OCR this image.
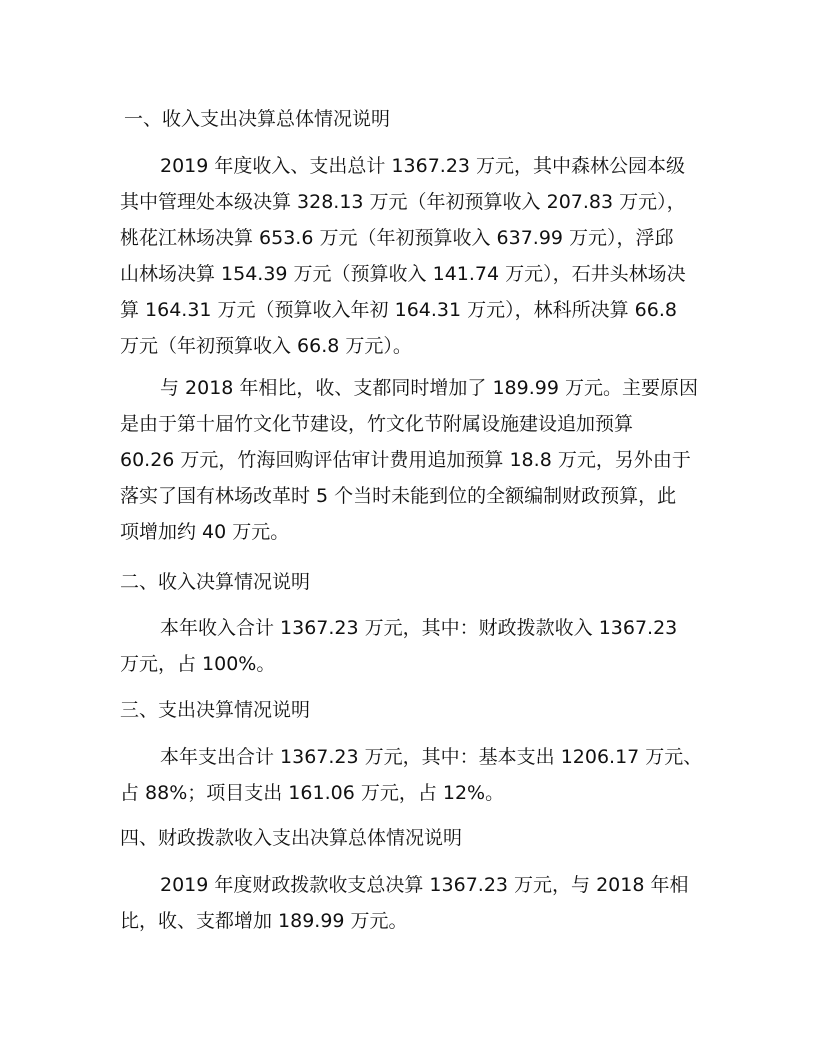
一、收入支出决算总体情况说明
2019 年度收入、支出总计 1367.23 万元，其中森林公园本级
其中管理处本级决算 328.13 万元（年初预算收入 207.83 万元），
桃花江林场决算 653.6 万元（年初预算收入 637.99 万元），浮邱
山林场决算 154.39 万元（预算收入 141.74 万元），石井头林场决
算 164.31 万元（预算收入年初 164.31 万元），林科所决算 66.8
万元（年初预算收入 66.8 万元）。
与 2018 年相比，收、支都同时增加了 189.99 万元。主要原因
是由于第十届竹文化节建设，竹文化节附属设施建设追加预算
60.26 万元，竹海回购评估审计费用追加预算 18.8 万元，另外由于
落实了国有林场改革时 5 个当时未能到位的全额编制财政预算，此
项增加约 40 万元。
二、收入决算情况说明
本年收入合计 1367.23 万元，其中：财政拨款收入 1367.23
万元，占 100%。
三、支出决算情况说明
本年支出合计 1367.23 万元，其中：基本支出 1206.17 万元、
占 88%；项目支出 161.06 万元，占 12%。
四、财政拨款收入支出决算总体情况说明
2019 年度财政拨款收支总决算 1367.23 万元，与 2018 年相
比，收、支都增加 189.99 万元。
